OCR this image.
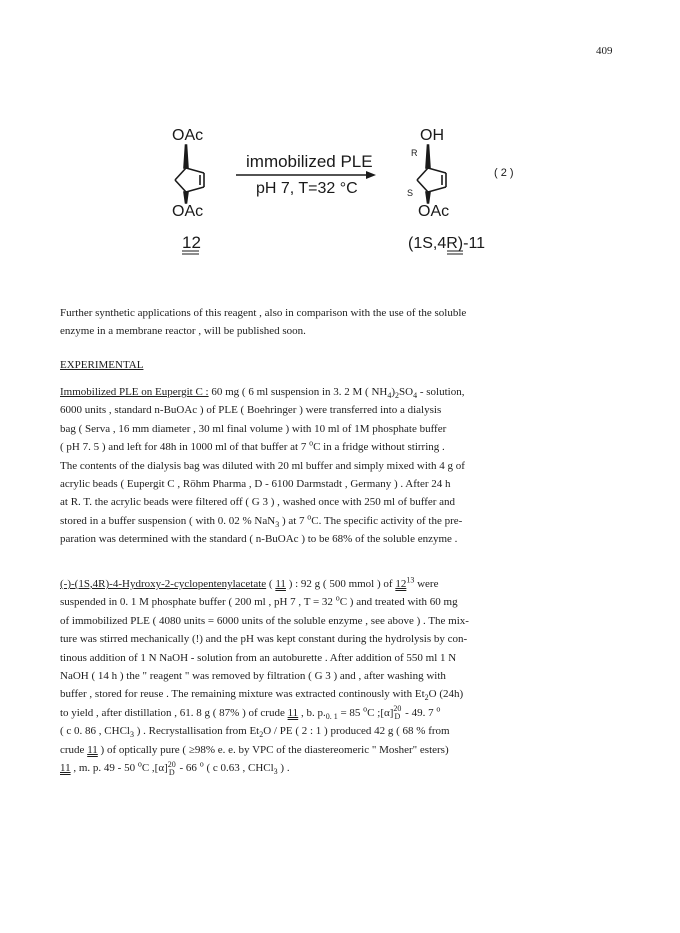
409
OAc
OAc
12
immobilized PLE
pH 7, T=32 °C
OH
R
S
OAc
(1S,4R)-11
( 2 )
Further synthetic applications of this reagent , also in comparison with the use of the soluble
enzyme in a membrane reactor , will be published soon.
EXPERIMENTAL
Immobilized PLE on Eupergit C : 60 mg ( 6 ml suspension in 3. 2 M ( $NH_4)_2SO_4$ - solution,
6000 units , standard n-BuOAc ) of PLE ( Boehringer ) were transferred into a dialysis
bag ( Serva , 16 mm diameter , 30 ml final volume ) with 10 ml of 1M phosphate buffer
( pH 7. 5 ) and left for 48h in 1000 ml of that buffer at 7 $^o$C in a fridge without stirring .
The contents of the dialysis bag was diluted with 20 ml buffer and simply mixed with 4 g of
acrylic beads ( Eupergit C , Röhm Pharma , D - 6100 Darmstadt , Germany ) . After 24 h
at R. T. the acrylic beads were filtered off ( G 3 ) , washed once with 250 ml of buffer and
stored in a buffer suspension ( with 0. 02 % NaN$_3$ ) at 7 $^o$C. The specific activity of the pre-
paration was determined with the standard ( n-BuOAc ) to be 68% of the soluble enzyme .
(-)-(1S,4R)-4-Hydroxy-2-cyclopentenylacetate ( 11 ) : 92 g ( 500 mmol ) of $12^{13}$ were
suspended in 0. 1 M phosphate buffer ( 200 ml , pH 7 , T = 32 $^o$C ) and treated with 60 mg
of immobilized PLE ( 4080 units = 6000 units of the soluble enzyme , see above ) . The mix-
ture was stirred mechanically (!) and the pH was kept constant during the hydrolysis by con-
tinous addition of 1 N NaOH - solution from an autoburette . After addition of 550 ml 1 N
NaOH ( 14 h ) the " reagent " was removed by filtration ( G 3 ) and , after washing with
buffer , stored for reuse . The remaining mixture was extracted continously with $Et_2O$ (24h)
to yield , after distillation , 61. 8 g ( 87% ) of crude 11 , b. $p._{0. 1} = 85$ $^o$C ;[α] 20
D - 49. 7 $^o$
( c 0. 86 , CHCl$_3$ ) . Recrystallisation from $Et_2O$ / PE ( 2 : 1 ) produced 42 g ( 68 % from
crude 11 ) of optically pure ( ≥98% e. e. by VPC of the diastereomeric " Mosher" esters)
11 , m. p. 49 - 50 $^o$C ,[α] 20
D - 66 $^o$ ( c 0.63 , CHCl$_3$ ) .
